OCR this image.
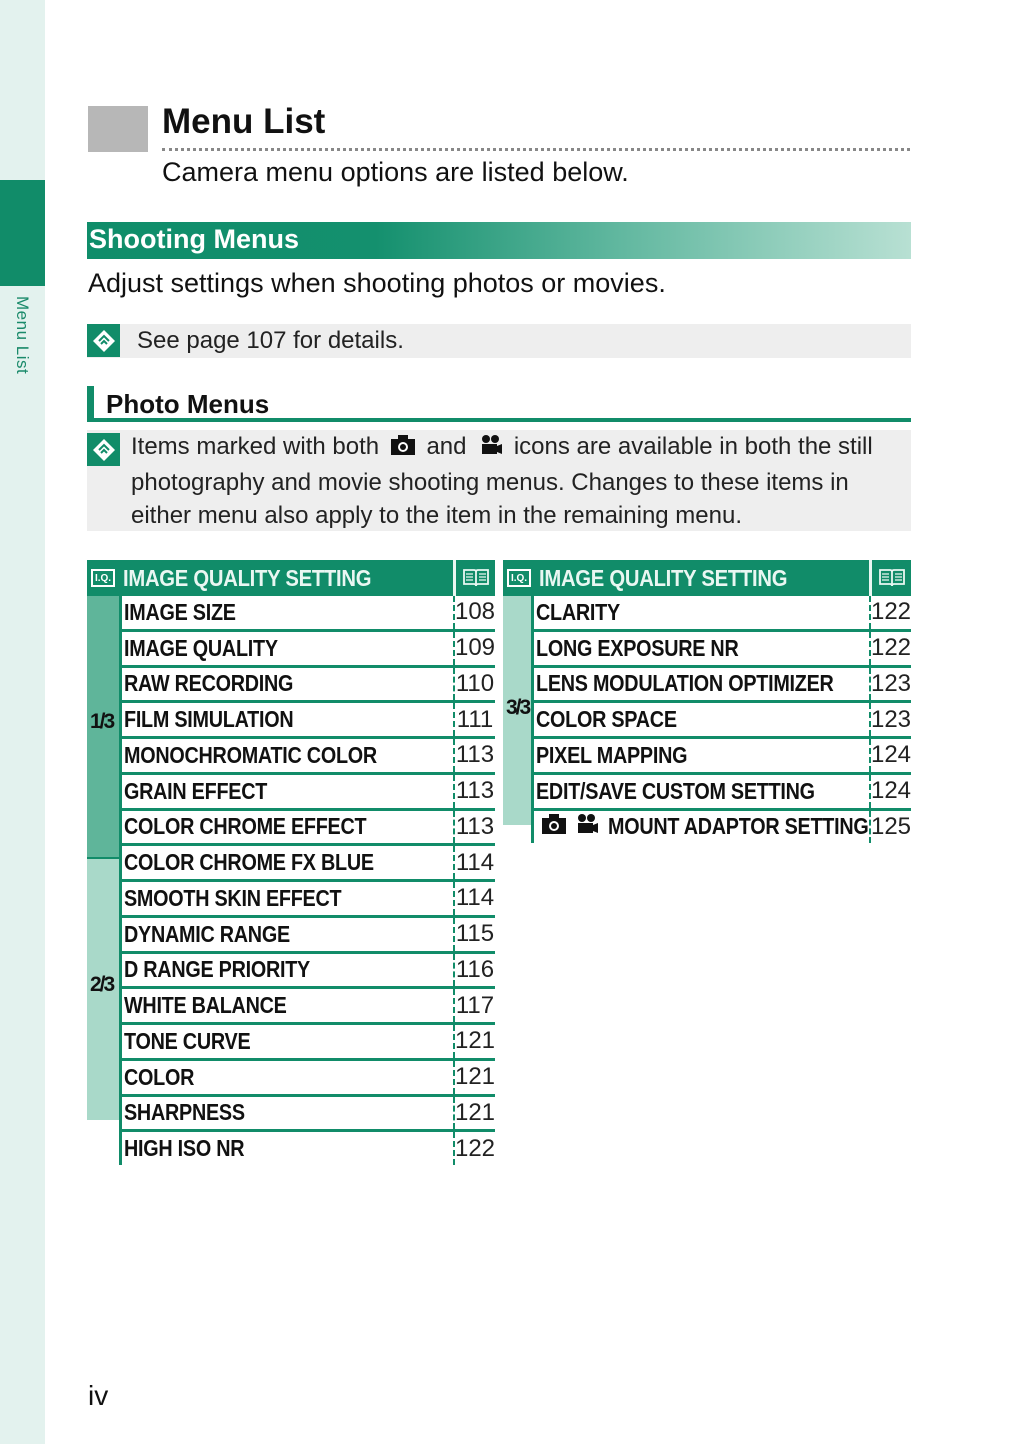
Menu List
Menu List
Camera menu options are listed below.
Shooting Menus
Adjust settings when shooting photos or movies.
See page 107 for details.
Photo Menus
Items marked with both and icons are available in both the still
photography and movie shooting menus. Changes to these items in
either menu also apply to the item in the remaining menu.
I.Q. IMAGE QUALITY SETTING
1/3
2/3
IMAGE SIZE	108
IMAGE QUALITY	109
RAW RECORDING	110
FILM SIMULATION	111
MONOCHROMATIC COLOR	113
GRAIN EFFECT	113
COLOR CHROME EFFECT	113
COLOR CHROME FX BLUE	114
SMOOTH SKIN EFFECT	114
DYNAMIC RANGE	115
D RANGE PRIORITY	116
WHITE BALANCE	117
TONE CURVE	121
COLOR	121
SHARPNESS	121
HIGH ISO NR	122
I.Q. IMAGE QUALITY SETTING
3/3
CLARITY	122
LONG EXPOSURE NR	122
LENS MODULATION OPTIMIZER 123
COLOR SPACE	123
PIXEL MAPPING	124
EDIT/SAVE CUSTOM SETTING 124
MOUNT ADAPTOR SETTING 125
iv
